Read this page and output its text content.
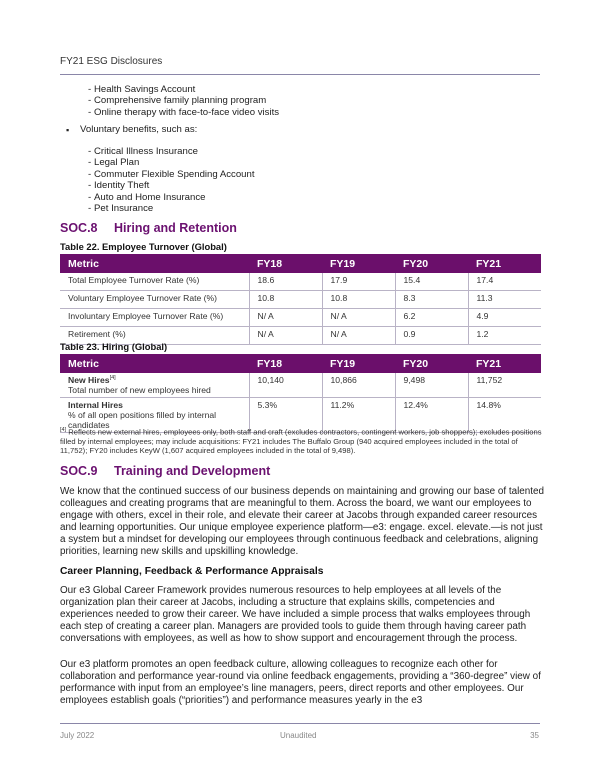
FY21 ESG Disclosures
- Health Savings Account
- Comprehensive family planning program
- Online therapy with face-to-face video visits
▪ Voluntary benefits, such as:
- Critical Illness Insurance
- Legal Plan
- Commuter Flexible Spending Account
- Identity Theft
- Auto and Home Insurance
- Pet Insurance
SOC.8 Hiring and Retention
Table 22. Employee Turnover (Global)
Metric	FY18	FY19	FY20	FY21
Total Employee Turnover Rate (%)	18.6	17.9	15.4	17.4
Voluntary Employee Turnover Rate (%)	10.8	10.8	8.3	11.3
Involuntary Employee Turnover Rate (%)	N/ A	N/ A	6.2	4.9
Retirement (%)	N/ A	N/ A	0.9	1.2
Table 23. Hiring (Global)
Metric	FY18	FY19	FY20	FY21
New Hires[4]
Total number of new employees hired	10,140	10,866	9,498	11,752
Internal Hires
% of all open positions filled by internal candidates	5.3%	11.2%	12.4%	14.8%
[4] Reflects new external hires, employees only, both staff and craft (excludes contractors, contingent workers, job shoppers); excludes positions filled by internal employees; may include acquisitions: FY21 includes The Buffalo Group (940 acquired employees included in the total of 11,752); FY20 includes KeyW (1,607 acquired employees included in the total of 9,498).
SOC.9 Training and Development

We know that the continued success of our business depends on maintaining and growing our base of talented colleagues and creating programs that are meaningful to them. Across the board, we want our employees to engage with others, excel in their role, and elevate their career at Jacobs through expanded career resources and learning opportunities. Our unique employee experience platform—e3: engage. excel. elevate.—is not just a system but a mindset for developing our employees through continuous feedback and celebrations, aligning priorities, learning new skills and upskilling knowledge.

Career Planning, Feedback & Performance Appraisals

Our e3 Global Career Framework provides numerous resources to help employees at all levels of the organization plan their career at Jacobs, including a structure that explains skills, competencies and experiences needed to grow their career. We have included a simple process that walks employees through each step of creating a career plan. Managers are provided tools to guide them through having career path conversations with employees, as well as how to show support and encouragement through the process.

Our e3 platform promotes an open feedback culture, allowing colleagues to recognize each other for collaboration and performance year-round via online feedback engagements, providing a “360-degree” view of performance with input from an employee’s line managers, peers, direct reports and other employees. Our employees establish goals (“priorities”) and performance measures yearly in the e3

July 2022	Unaudited	35
